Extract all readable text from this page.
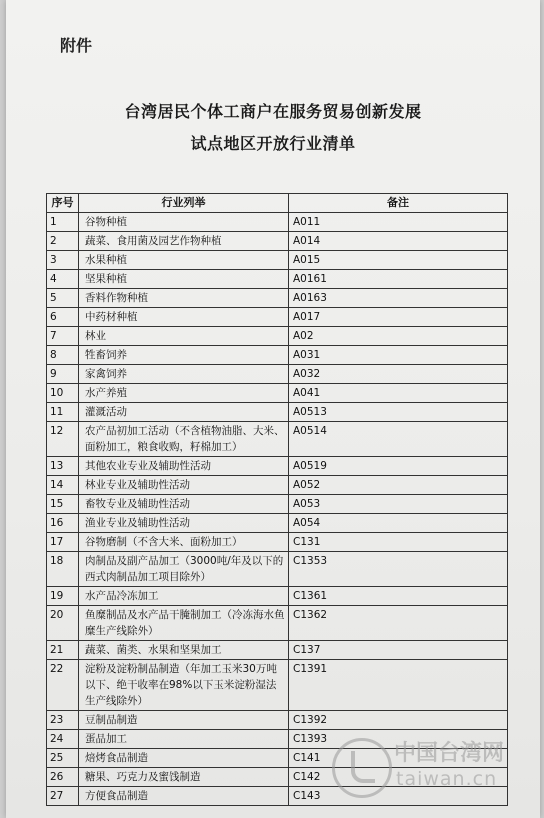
附件
台湾居民个体工商户在服务贸易创新发展
试点地区开放行业清单
序号	行业列举	备注
1	谷物种植	A011
2	蔬菜、食用菌及园艺作物种植	A014
3	水果种植	A015
4	坚果种植	A0161
5	香料作物种植	A0163
6	中药材种植	A017
7	林业	A02
8	牲畜饲养	A031
9	家禽饲养	A032
10	水产养殖	A041
11	灌溉活动	A0513
12	农产品初加工活动（不含植物油脂、大米、面粉加工，粮食收购，籽棉加工）	A0514
13	其他农业专业及辅助性活动	A0519
14	林业专业及辅助性活动	A052
15	畜牧专业及辅助性活动	A053
16	渔业专业及辅助性活动	A054
17	谷物磨制（不含大米、面粉加工）	C131
18	肉制品及副产品加工（3000吨/年及以下的西式肉制品加工项目除外）	C1353
19	水产品冷冻加工	C1361
20	鱼糜制品及水产品干腌制加工（冷冻海水鱼糜生产线除外）	C1362
21	蔬菜、菌类、水果和坚果加工	C137
22	淀粉及淀粉制品制造（年加工玉米30万吨以下、绝干收率在98%以下玉米淀粉湿法生产线除外）	C1391
23	豆制品制造	C1392
24	蛋品加工	C1393
25	焙烤食品制造	C141
26	糖果、巧克力及蜜饯制造	C142
27	方便食品制造	C143
中国台湾网
taiwan.cn
